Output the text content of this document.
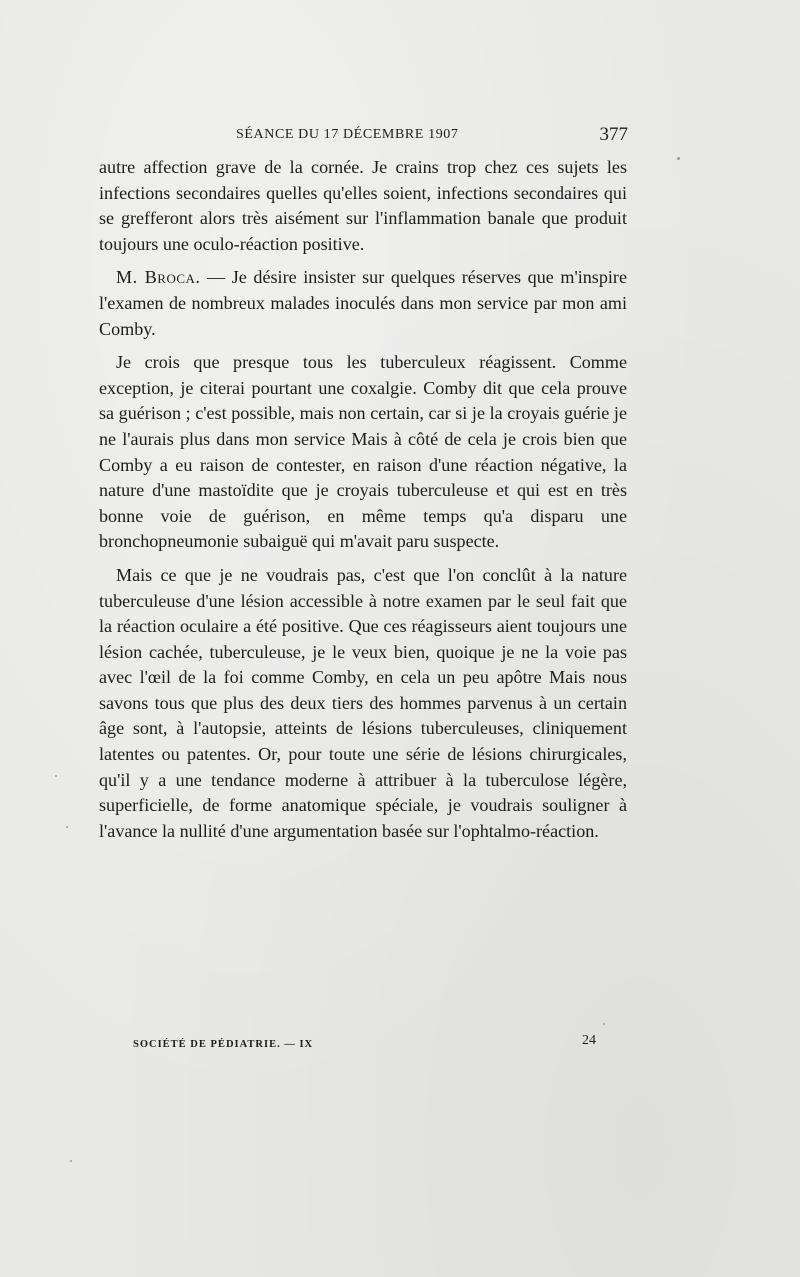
SÉANCE DU 17 DÉCEMBRE 1907	377

autre affection grave de la cornée. Je crains trop chez ces sujets les infections secondaires quelles qu'elles soient, infections secondaires qui se grefferont alors très aisément sur l'inflammation banale que produit toujours une oculo-réaction positive.

M. Broca. — Je désire insister sur quelques réserves que m'inspire l'examen de nombreux malades inoculés dans mon service par mon ami Comby.

Je crois que presque tous les tuberculeux réagissent. Comme exception, je citerai pourtant une coxalgie. Comby dit que cela prouve sa guérison ; c'est possible, mais non certain, car si je la croyais guérie je ne l'aurais plus dans mon service Mais à côté de cela je crois bien que Comby a eu raison de contester, en raison d'une réaction négative, la nature d'une mastoïdite que je croyais tuberculeuse et qui est en très bonne voie de guérison, en même temps qu'a disparu une bronchopneumonie subaiguë qui m'avait paru suspecte.

Mais ce que je ne voudrais pas, c'est que l'on conclût à la nature tuberculeuse d'une lésion accessible à notre examen par le seul fait que la réaction oculaire a été positive. Que ces réagisseurs aient toujours une lésion cachée, tuberculeuse, je le veux bien, quoique je ne la voie pas avec l'œil de la foi comme Comby, en cela un peu apôtre Mais nous savons tous que plus des deux tiers des hommes parvenus à un certain âge sont, à l'autopsie, atteints de lésions tuberculeuses, cliniquement latentes ou patentes. Or, pour toute une série de lésions chirurgicales, qu'il y a une tendance moderne à attribuer à la tuberculose légère, superficielle, de forme anatomique spéciale, je voudrais souligner à l'avance la nullité d'une argumentation basée sur l'ophtalmo-réaction.

SOCIÉTÉ DE PÉDIATRIE. — IX	24
